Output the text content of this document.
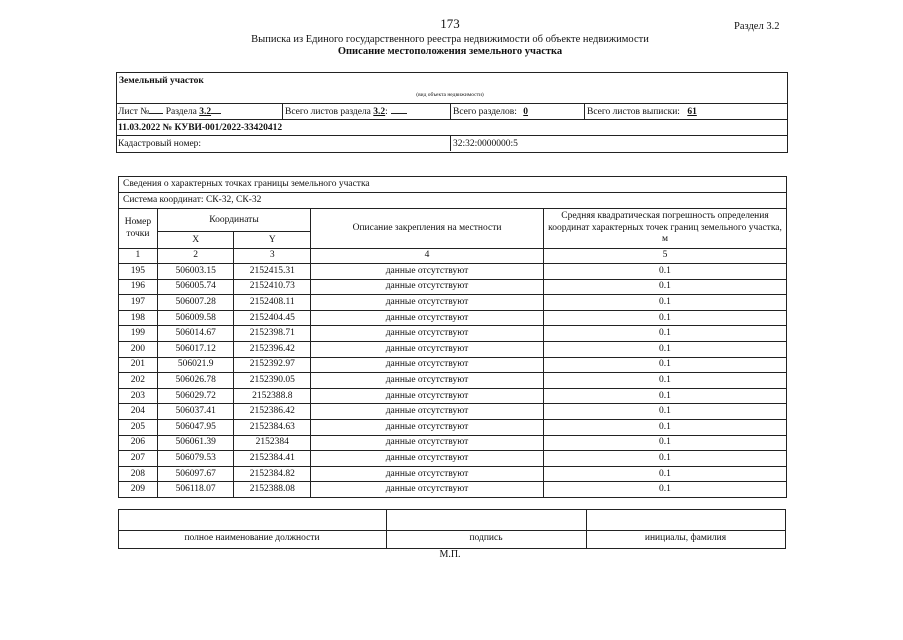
173	Раздел 3.2
Выписка из Единого государственного реестра недвижимости об объекте недвижимости
Описание местоположения земельного участка
Земельный участок
(вид объекта недвижимости)
Лист № Раздела 3.2	Всего листов раздела 3.2:	Всего разделов: 0	Всего листов выписки: 61
11.03.2022 № КУВИ-001/2022-33420412
Кадастровый номер:	32:32:0000000:5
Сведения о характерных точках границы земельного участка				
Система координат: СК-32, СК-32				
Номер точки	Координаты		Описание закрепления на местности	Средняя квадратическая погрешность определения координат характерных точек границ земельного участка, м
	X	Y		
1	2	3	4	5
195	506003.15	2152415.31	данные отсутствуют	0.1
196	506005.74	2152410.73	данные отсутствуют	0.1
197	506007.28	2152408.11	данные отсутствуют	0.1
198	506009.58	2152404.45	данные отсутствуют	0.1
199	506014.67	2152398.71	данные отсутствуют	0.1
200	506017.12	2152396.42	данные отсутствуют	0.1
201	506021.9	2152392.97	данные отсутствуют	0.1
202	506026.78	2152390.05	данные отсутствуют	0.1
203	506029.72	2152388.8	данные отсутствуют	0.1
204	506037.41	2152386.42	данные отсутствуют	0.1
205	506047.95	2152384.63	данные отсутствуют	0.1
206	506061.39	2152384	данные отсутствуют	0.1
207	506079.53	2152384.41	данные отсутствуют	0.1
208	506097.67	2152384.82	данные отсутствуют	0.1
209	506118.07	2152388.08	данные отсутствуют	0.1
полное наименование должности	подпись	инициалы, фамилия
М.П.
